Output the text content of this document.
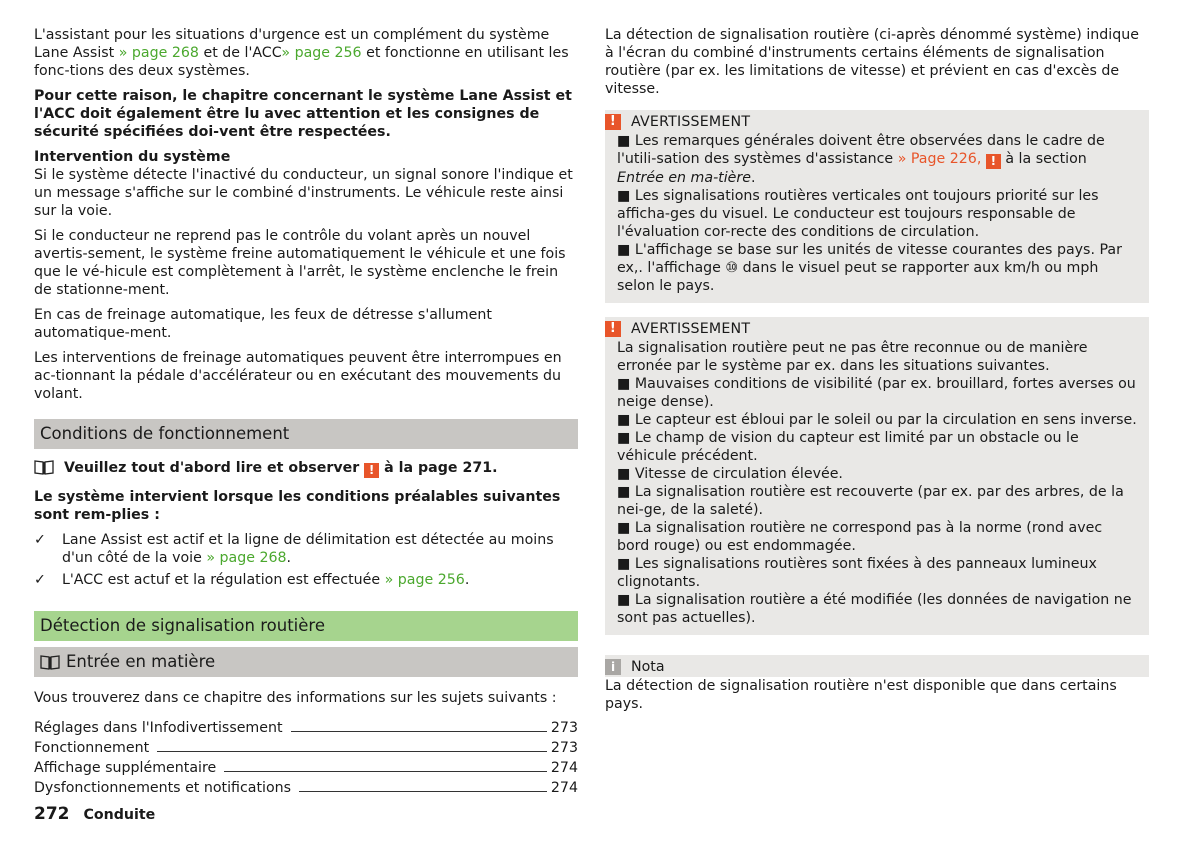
L'assistant pour les situations d'urgence est un complément du système Lane Assist » page 268 et de l'ACC» page 256 et fonctionne en utilisant les fonc-tions des deux systèmes.

Pour cette raison, le chapitre concernant le système Lane Assist et l'ACC doit également être lu avec attention et les consignes de sécurité spécifiées doi-vent être respectées.

Intervention du système

Si le système détecte l'inactivé du conducteur, un signal sonore l'indique et un message s'affiche sur le combiné d'instruments. Le véhicule reste ainsi sur la voie.

Si le conducteur ne reprend pas le contrôle du volant après un nouvel avertis-sement, le système freine automatiquement le véhicule et une fois que le vé-hicule est complètement à l'arrêt, le système enclenche le frein de stationne-ment.

En cas de freinage automatique, les feux de détresse s'allument automatique-ment.

Les interventions de freinage automatiques peuvent être interrompues en ac-tionnant la pédale d'accélérateur ou en exécutant des mouvements du volant.

Conditions de fonctionnement
Veuillez tout d'abord lire et observer ! à la page 271.

Le système intervient lorsque les conditions préalables suivantes sont rem-plies :

✓ Lane Assist est actif et la ligne de délimitation est détectée au moins d'un côté de la voie » page 268.
✓ L'ACC est actuf et la régulation est effectuée » page 256.
Détection de signalisation routière
Entrée en matière

Vous trouverez dans ce chapitre des informations sur les sujets suivants :

Réglages dans l'Infodivertissement	273
Fonctionnement	273
Affichage supplémentaire	274
Dysfonctionnements et notifications	274

La détection de signalisation routière (ci-après dénommé système) indique à l'écran du combiné d'instruments certains éléments de signalisation routière (par ex. les limitations de vitesse) et prévient en cas d'excès de vitesse.

!	AVERTISSEMENT

■ Les remarques générales doivent être observées dans le cadre de l'utili-sation des systèmes d'assistance » Page 226, ! à la section Entrée en ma-tière.

■ Les signalisations routières verticales ont toujours priorité sur les afficha-ges du visuel. Le conducteur est toujours responsable de l'évaluation cor-recte des conditions de circulation.

■ L'affichage se base sur les unités de vitesse courantes des pays. Par ex,. l'affichage ⑩ dans le visuel peut se rapporter aux km/h ou mph selon le pays.

!	AVERTISSEMENT

La signalisation routière peut ne pas être reconnue ou de manière erronée par le système par ex. dans les situations suivantes.

■ Mauvaises conditions de visibilité (par ex. brouillard, fortes averses ou neige dense).

■ Le capteur est ébloui par le soleil ou par la circulation en sens inverse.

■ Le champ de vision du capteur est limité par un obstacle ou le véhicule précédent.

■ Vitesse de circulation élevée.

■ La signalisation routière est recouverte (par ex. par des arbres, de la nei-ge, de la saleté).

■ La signalisation routière ne correspond pas à la norme (rond avec bord rouge) ou est endommagée.

■ Les signalisations routières sont fixées à des panneaux lumineux clignotants.

■ La signalisation routière a été modifiée (les données de navigation ne sont pas actuelles).

i	Nota

La détection de signalisation routière n'est disponible que dans certains pays.

272 Conduite
